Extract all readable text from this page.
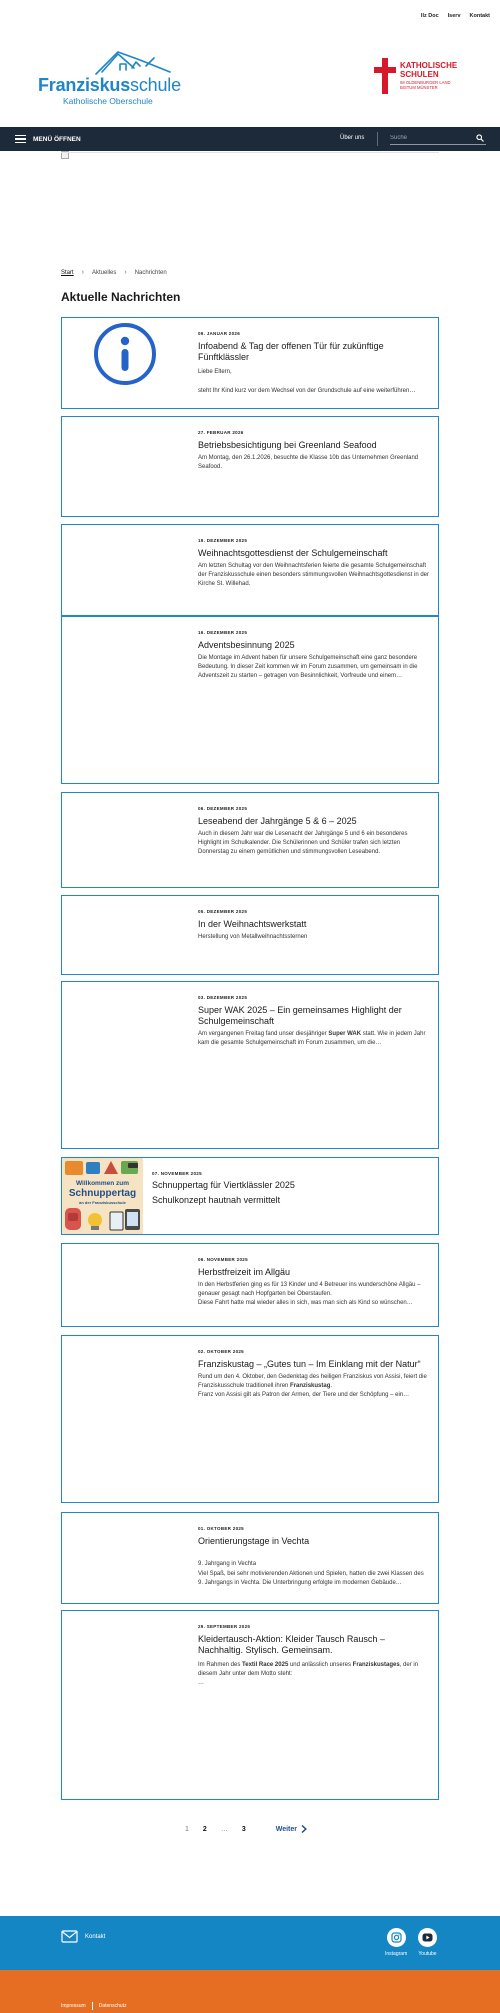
Ilz Doc Iserv Kontakt
Franziskusschule
Katholische Oberschule
KATHOLISCHE
SCHULEN
IM OLDENBURGER LAND
BISTUM MÜNSTER
MENÜ ÖFFNEN	Über uns
Suche
Start › Aktuelles › Nachrichten
Aktuelle Nachrichten
09. JANUAR 2026
Infoabend & Tag der offenen Tür für zukünftige Fünftklässler
Liebe Eltern,
steht Ihr Kind kurz vor dem Wechsel von der Grundschule auf eine weiterführen…
27. FEBRUAR 2026
Betriebsbesichtigung bei Greenland Seafood
Am Montag, den 26.1.2026, besuchte die Klasse 10b das Unternehmen Greenland Seafood.
19. DEZEMBER 2025
Weihnachtsgottesdienst der Schulgemeinschaft
Am letzten Schultag vor den Weihnachtsferien feierte die gesamte Schulgemeinschaft der Franziskusschule einen besonders stimmungsvollen Weihnachtsgottesdienst in der Kirche St. Willehad.
16. DEZEMBER 2025
Adventsbesinnung 2025
Die Montage im Advent haben für unsere Schulgemeinschaft eine ganz besondere Bedeutung. In dieser Zeit kommen wir im Forum zusammen, um gemeinsam in die Adventszeit zu starten – getragen von Besinnlichkeit, Vorfreude und einem…
06. DEZEMBER 2025
Leseabend der Jahrgänge 5 & 6 – 2025
Auch in diesem Jahr war die Lesenacht der Jahrgänge 5 und 6 ein besonderes Highlight im Schulkalender. Die Schülerinnen und Schüler trafen sich letzten Donnerstag zu einem gemütlichen und stimmungsvollen Leseabend.
05. DEZEMBER 2025
In der Weihnachtswerkstatt
Herstellung von Metallweihnachtssternen
03. DEZEMBER 2025
Super WAK 2025 – Ein gemeinsames Highlight der Schulgemeinschaft
Am vergangenen Freitag fand unser diesjähriger Super WAK statt. Wie in jedem Jahr kam die gesamte Schulgemeinschaft im Forum zusammen, um die…
Willkommen zum
Schnuppertag
an der Franziskusschule
07. NOVEMBER 2025
Schnuppertag für Viertklässler 2025
Schulkonzept hautnah vermittelt
06. NOVEMBER 2025
Herbstfreizeit im Allgäu
In den Herbstferien ging es für 13 Kinder und 4 Betreuer ins wunderschöne Allgäu – genauer gesagt nach Hopfgarten bei Oberstaufen.
Diese Fahrt hatte mal wieder alles in sich, was man sich als Kind so wünschen…
02. OKTOBER 2025
Franziskustag – „Gutes tun – Im Einklang mit der Natur“
Rund um den 4. Oktober, den Gedenktag des heiligen Franziskus von Assisi, feiert die Franziskusschule traditionell ihren Franziskustag.
Franz von Assisi gilt als Patron der Armen, der Tiere und der Schöpfung – ein…
01. OKTOBER 2025
Orientierungstage in Vechta
9. Jahrgang in Vechta
Viel Spaß, bei sehr motivierenden Aktionen und Spielen, hatten die zwei Klassen des 9. Jahrgangs in Vechta. Die Unterbringung erfolgte im modernen Gebäude…
29. SEPTEMBER 2025
Kleidertausch-Aktion: Kleider Tausch Rausch – Nachhaltig. Stylisch. Gemeinsam.
Im Rahmen des Textil Race 2025 und anlässlich unseres Franziskustages, der in diesem Jahr unter dem Motto steht:
…
1 2 … 3	Weiter
Kontakt
Instagram Youtube
Impressum	Datenschutz
